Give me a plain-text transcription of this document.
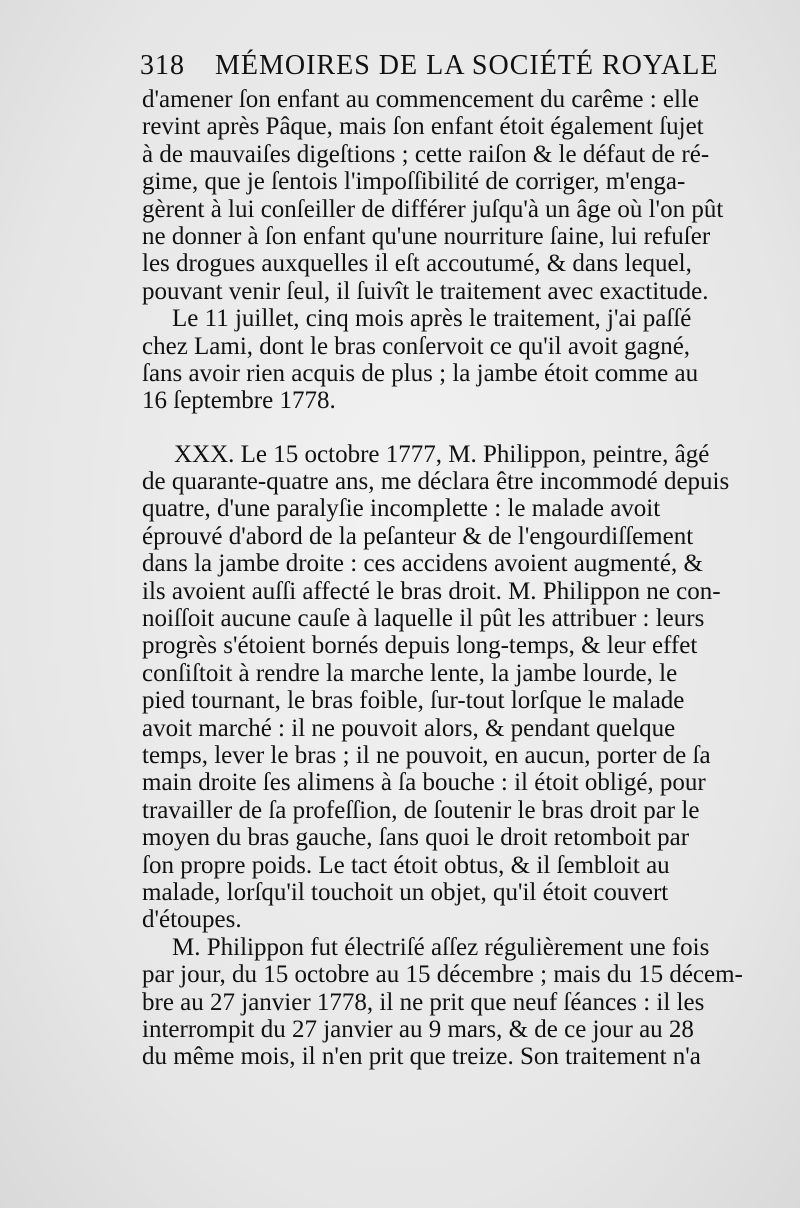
318 MÉMOIRES DE LA SOCIÉTÉ ROYALE
d'amener ſon enfant au commencement du carême : elle
revint après Pâque, mais ſon enfant étoit également ſujet
à de mauvaiſes digeſtions ; cette raiſon & le défaut de ré-
gime, que je ſentois l'impoſſibilité de corriger, m'enga-
gèrent à lui conſeiller de différer juſqu'à un âge où l'on pût
ne donner à ſon enfant qu'une nourriture ſaine, lui refuſer
les drogues auxquelles il eſt accoutumé, & dans lequel,
pouvant venir ſeul, il ſuivît le traitement avec exactitude.
Le 11 juillet, cinq mois après le traitement, j'ai paſſé
chez Lami, dont le bras conſervoit ce qu'il avoit gagné,
ſans avoir rien acquis de plus ; la jambe étoit comme au
16 ſeptembre 1778.
XXX. Le 15 octobre 1777, M. Philippon, peintre, âgé
de quarante-quatre ans, me déclara être incommodé depuis
quatre, d'une paralyſie incomplette : le malade avoit
éprouvé d'abord de la peſanteur & de l'engourdiſſement
dans la jambe droite : ces accidens avoient augmenté, &
ils avoient auſſi affecté le bras droit. M. Philippon ne con-
noiſſoit aucune cauſe à laquelle il pût les attribuer : leurs
progrès s'étoient bornés depuis long-temps, & leur effet
conſiſtoit à rendre la marche lente, la jambe lourde, le
pied tournant, le bras foible, ſur-tout lorſque le malade
avoit marché : il ne pouvoit alors, & pendant quelque
temps, lever le bras ; il ne pouvoit, en aucun, porter de ſa
main droite ſes alimens à ſa bouche : il étoit obligé, pour
travailler de ſa profeſſion, de ſoutenir le bras droit par le
moyen du bras gauche, ſans quoi le droit retomboit par
ſon propre poids. Le tact étoit obtus, & il ſembloit au
malade, lorſqu'il touchoit un objet, qu'il étoit couvert
d'étoupes.
M. Philippon fut électriſé aſſez régulièrement une fois
par jour, du 15 octobre au 15 décembre ; mais du 15 décem-
bre au 27 janvier 1778, il ne prit que neuf ſéances : il les
interrompit du 27 janvier au 9 mars, & de ce jour au 28
du même mois, il n'en prit que treize. Son traitement n'a
